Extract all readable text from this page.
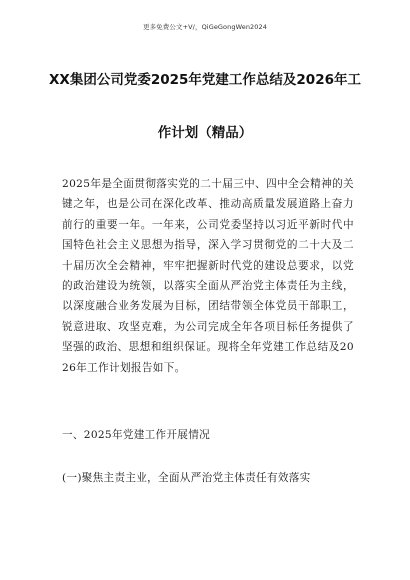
更多免费公文+V/，QiGeGongWen2024
XX集团公司党委2025年党建工作总结及2026年工
作计划（精品）
2025年是全面贯彻落实党的二十届三中、四中全会精神的关键之年，也是公司在深化改革、推动高质量发展道路上奋力前行的重要一年。一年来，公司党委坚持以习近平新时代中国特色社会主义思想为指导，深入学习贯彻党的二十大及二十届历次全会精神，牢牢把握新时代党的建设总要求，以党的政治建设为统领，以落实全面从严治党主体责任为主线，以深度融合业务发展为目标，团结带领全体党员干部职工，锐意进取、攻坚克难，为公司完成全年各项目标任务提供了坚强的政治、思想和组织保证。现将全年党建工作总结及2026年工作计划报告如下。
一、2025年党建工作开展情况
(一)聚焦主责主业，全面从严治党主体责任有效落实
